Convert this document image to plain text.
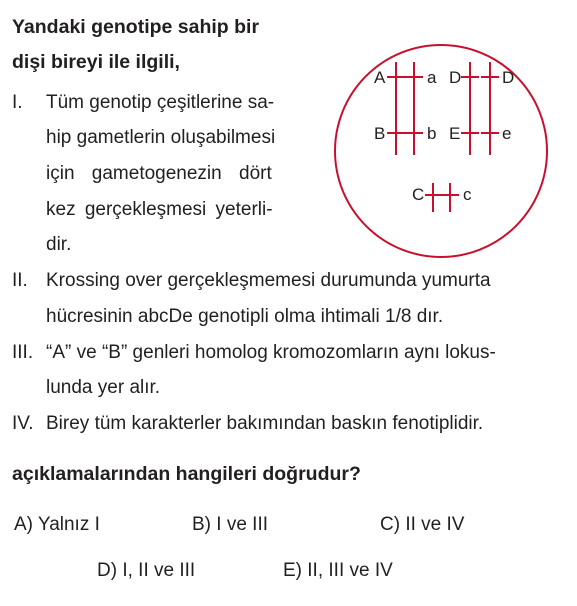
Yandaki genotipe sahip bir
dişi bireyi ile ilgili,
I. Tüm genotip çeşitlerine sa-
hip gametlerin oluşabilmesi
için gametogenezin dört
kez gerçekleşmesi yeterli-
dir.
II. Krossing over gerçekleşmemesi durumunda yumurta
hücresinin abcDe genotipli olma ihtimali 1/8 dır.
III. “A” ve “B” genleri homolog kromozomların aynı lokus-
lunda yer alır.
IV. Birey tüm karakterler bakımından baskın fenotiplidir.
açıklamalarından hangileri doğrudur?
A) Yalnız I	B) I ve III	C) II ve IV
D) I, II ve III	E) II, III ve IV
A a
B b
D D
E e
C c
